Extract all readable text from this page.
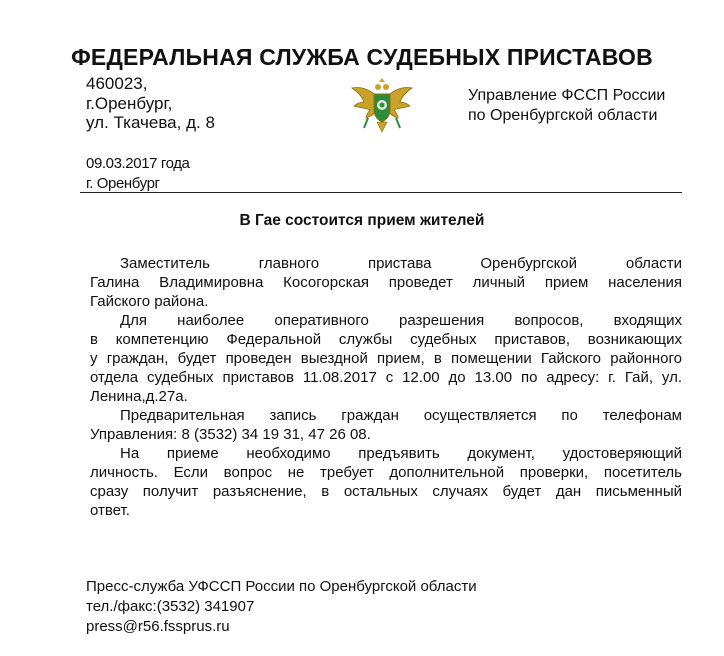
ФЕДЕРАЛЬНАЯ СЛУЖБА СУДЕБНЫХ ПРИСТАВОВ
460023,
г.Оренбург,
ул. Ткачева, д. 8
Управление ФССП России
по Оренбургской области
09.03.2017 года
г. Оренбург
В Гае состоится прием жителей
Заместитель главного пристава Оренбургской области
Галина Владимировна Косогорская проведет личный прием населения
Гайского района.
Для наиболее оперативного разрешения вопросов, входящих
в компетенцию Федеральной службы судебных приставов, возникающих
у граждан, будет проведен выездной прием, в помещении Гайского районного
отдела судебных приставов 11.08.2017 с 12.00 до 13.00 по адресу: г. Гай, ул.
Ленина,д.27а.
Предварительная запись граждан осуществляется по телефонам
Управления: 8 (3532) 34 19 31, 47 26 08.
На приеме необходимо предъявить документ, удостоверяющий
личность. Если вопрос не требует дополнительной проверки, посетитель
сразу получит разъяснение, в остальных случаях будет дан письменный
ответ.
Пресс-служба УФССП России по Оренбургской области
тел./факс:(3532) 341907
press@r56.fssprus.ru
